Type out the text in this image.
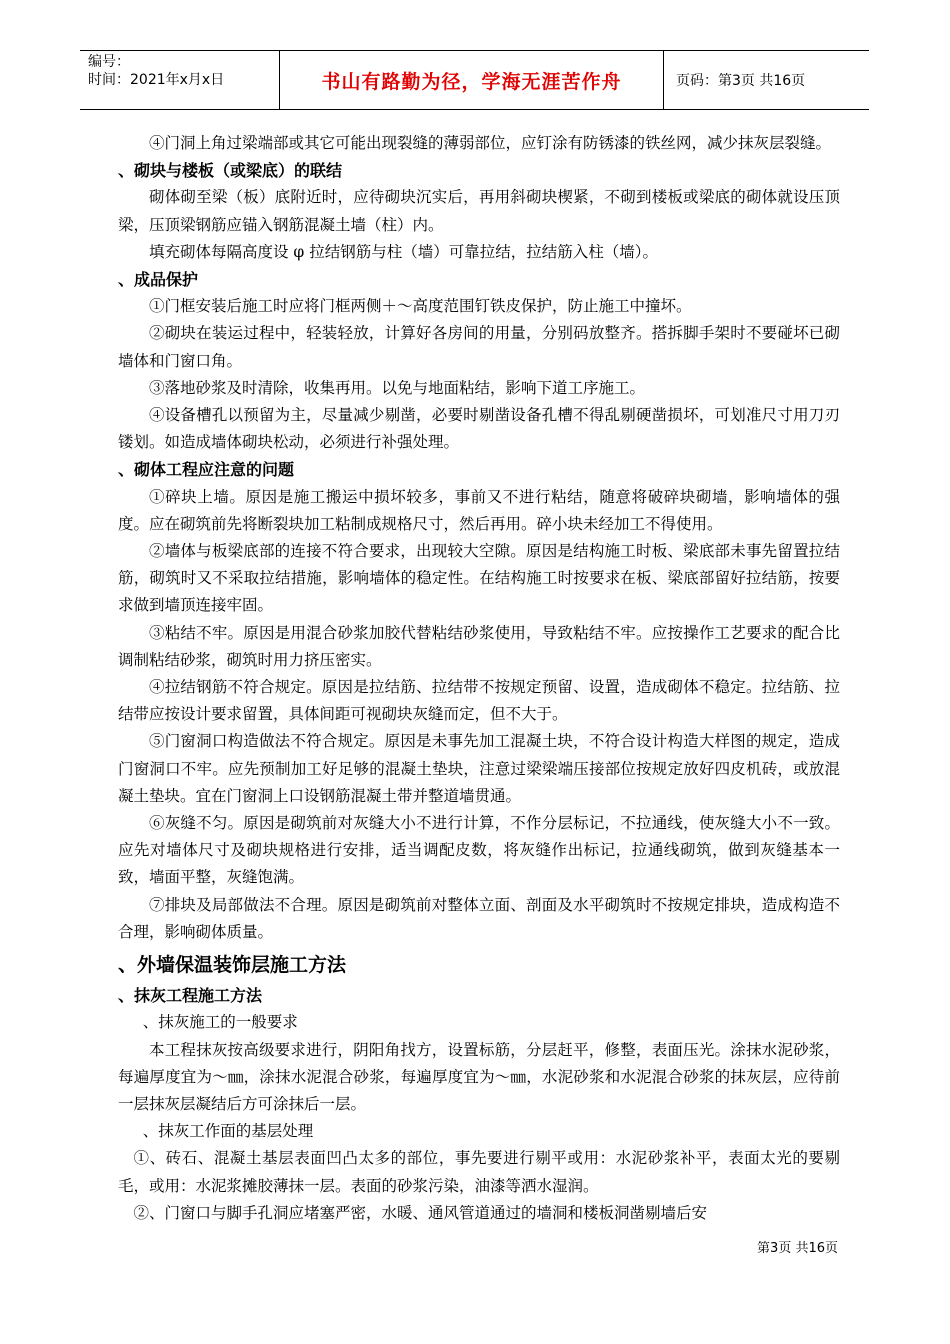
编号：
时间：2021年x月x日	书山有路勤为径，学海无涯苦作舟	页码：第3页 共16页
④门洞上角过梁端部或其它可能出现裂缝的薄弱部位，应钉涂有防锈漆的铁丝网，减少抹灰层裂缝。
、砌块与楼板（或梁底）的联结
砌体砌至梁（板）底附近时，应待砌块沉实后，再用斜砌块楔紧，不砌到楼板或梁底的砌体就设压顶梁，压顶梁钢筋应锚入钢筋混凝土墙（柱）内。
填充砌体每隔高度设 φ 拉结钢筋与柱（墙）可靠拉结，拉结筋入柱（墙）。
、成品保护
①门框安装后施工时应将门框两侧＋～高度范围钉铁皮保护，防止施工中撞坏。
②砌块在装运过程中，轻装轻放，计算好各房间的用量，分别码放整齐。搭拆脚手架时不要碰坏已砌墙体和门窗口角。
③落地砂浆及时清除，收集再用。以免与地面粘结，影响下道工序施工。
④设备槽孔以预留为主，尽量减少剔凿，必要时剔凿设备孔槽不得乱剔硬凿损坏，可划准尺寸用刀刃镂划。如造成墙体砌块松动，必须进行补强处理。
、砌体工程应注意的问题
①碎块上墙。原因是施工搬运中损坏较多，事前又不进行粘结，随意将破碎块砌墙，影响墙体的强度。应在砌筑前先将断裂块加工粘制成规格尺寸，然后再用。碎小块未经加工不得使用。
②墙体与板梁底部的连接不符合要求，出现较大空隙。原因是结构施工时板、梁底部未事先留置拉结筋，砌筑时又不采取拉结措施，影响墙体的稳定性。在结构施工时按要求在板、梁底部留好拉结筋，按要求做到墙顶连接牢固。
③粘结不牢。原因是用混合砂浆加胶代替粘结砂浆使用，导致粘结不牢。应按操作工艺要求的配合比调制粘结砂浆，砌筑时用力挤压密实。
④拉结钢筋不符合规定。原因是拉结筋、拉结带不按规定预留、设置，造成砌体不稳定。拉结筋、拉结带应按设计要求留置，具体间距可视砌块灰缝而定，但不大于。
⑤门窗洞口构造做法不符合规定。原因是未事先加工混凝土块，不符合设计构造大样图的规定，造成门窗洞口不牢。应先预制加工好足够的混凝土垫块，注意过梁梁端压接部位按规定放好四皮机砖，或放混凝土垫块。宜在门窗洞上口设钢筋混凝土带并整道墙贯通。
⑥灰缝不匀。原因是砌筑前对灰缝大小不进行计算，不作分层标记，不拉通线，使灰缝大小不一致。应先对墙体尺寸及砌块规格进行安排，适当调配皮数，将灰缝作出标记，拉通线砌筑，做到灰缝基本一致，墙面平整，灰缝饱满。
⑦排块及局部做法不合理。原因是砌筑前对整体立面、剖面及水平砌筑时不按规定排块，造成构造不合理，影响砌体质量。
、外墙保温装饰层施工方法
、抹灰工程施工方法
、抹灰施工的一般要求
本工程抹灰按高级要求进行，阴阳角找方，设置标筋，分层赶平，修整，表面压光。涂抹水泥砂浆，每遍厚度宜为～㎜，涂抹水泥混合砂浆，每遍厚度宜为～㎜，水泥砂浆和水泥混合砂浆的抹灰层，应待前一层抹灰层凝结后方可涂抹后一层。
、抹灰工作面的基层处理
①、砖石、混凝土基层表面凹凸太多的部位，事先要进行剔平或用：水泥砂浆补平，表面太光的要剔毛，或用：水泥浆摊胶薄抹一层。表面的砂浆污染，油漆等洒水湿润。
②、门窗口与脚手孔洞应堵塞严密，水暖、通风管道通过的墙洞和楼板洞凿剔墙后安
第3页 共16页
